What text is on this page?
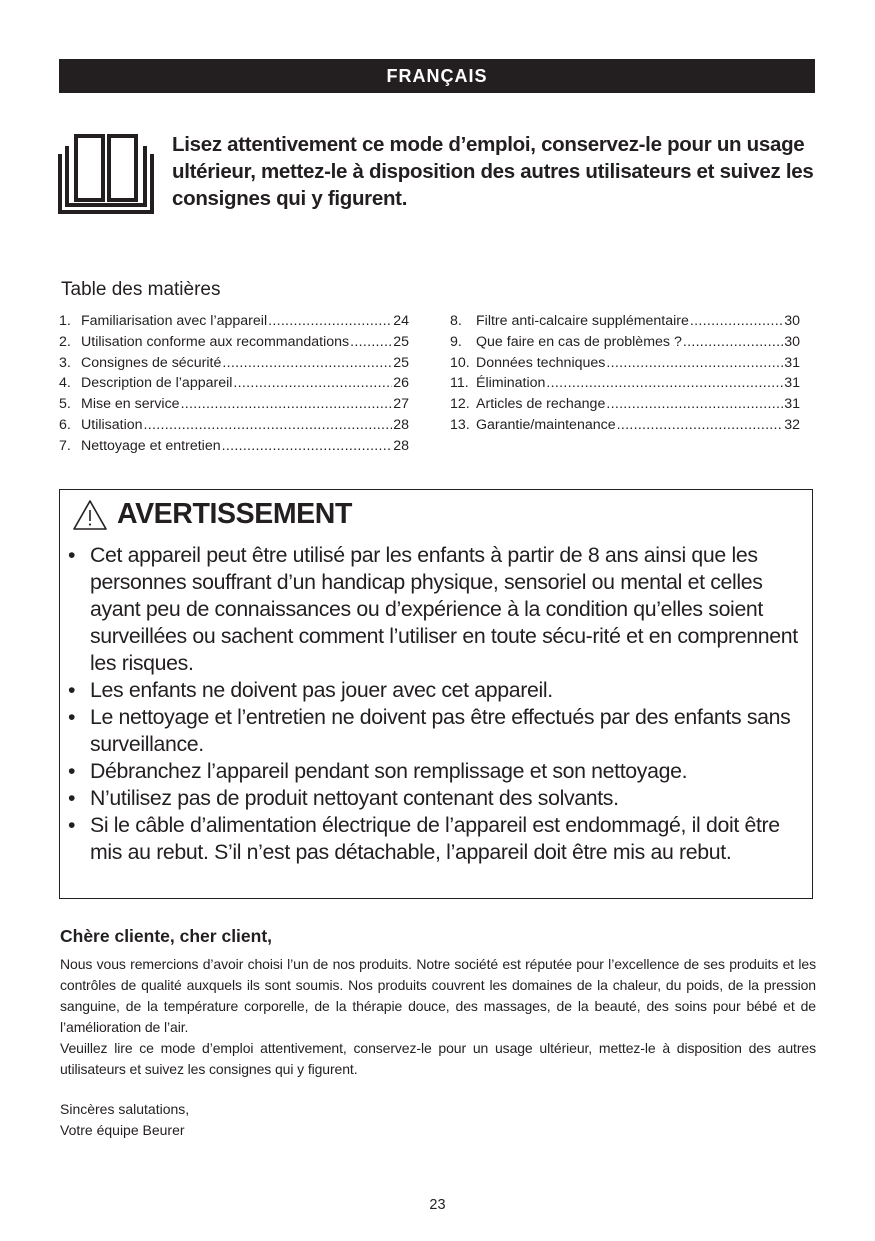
FRANÇAIS
Lisez attentivement ce mode d’emploi, conservez-le pour un usage ultérieur, mettez-le à disposition des autres utilisateurs et suivez les consignes qui y figurent.
Table des matières
1. Familiarisation avec l’appareil .....	24
2. Utilisation conforme aux recommandations .....	25
3. Consignes de sécurité .....	25
4. Description de l’appareil .....	26
5. Mise en service .....	27
6. Utilisation .....	28
7. Nettoyage et entretien .....	28
8. Filtre anti-calcaire supplémentaire .....	30
9. Que faire en cas de problèmes ? .....	30
10. Données techniques .....	31
11. Élimination .....	31
12. Articles de rechange .....	31
13. Garantie/maintenance .....	32
AVERTISSEMENT
• Cet appareil peut être utilisé par les enfants à partir de 8 ans ainsi que les personnes souffrant d’un handicap physique, sensoriel ou mental et celles ayant peu de connaissances ou d’expérience à la condition qu’elles soient surveillées ou sachent comment l’utiliser en toute sécu-rité et en comprennent les risques.
• Les enfants ne doivent pas jouer avec cet appareil.
• Le nettoyage et l’entretien ne doivent pas être effectués par des enfants sans surveillance.
• Débranchez l’appareil pendant son remplissage et son nettoyage.
• N’utilisez pas de produit nettoyant contenant des solvants.
• Si le câble d’alimentation électrique de l’appareil est endommagé, il doit être mis au rebut. S’il n’est pas détachable, l’appareil doit être mis au rebut.
Chère cliente, cher client,

Nous vous remercions d’avoir choisi l’un de nos produits. Notre société est réputée pour l’excellence de ses produits et les contrôles de qualité auxquels ils sont soumis. Nos produits couvrent les domaines de la chaleur, du poids, de la pression sanguine, de la température corporelle, de la thérapie douce, des massages, de la beauté, des soins pour bébé et de l’amélioration de l’air.

Veuillez lire ce mode d’emploi attentivement, conservez-le pour un usage ultérieur, mettez-le à disposition des autres utilisateurs et suivez les consignes qui y figurent.

Sincères salutations,
Votre équipe Beurer
23
